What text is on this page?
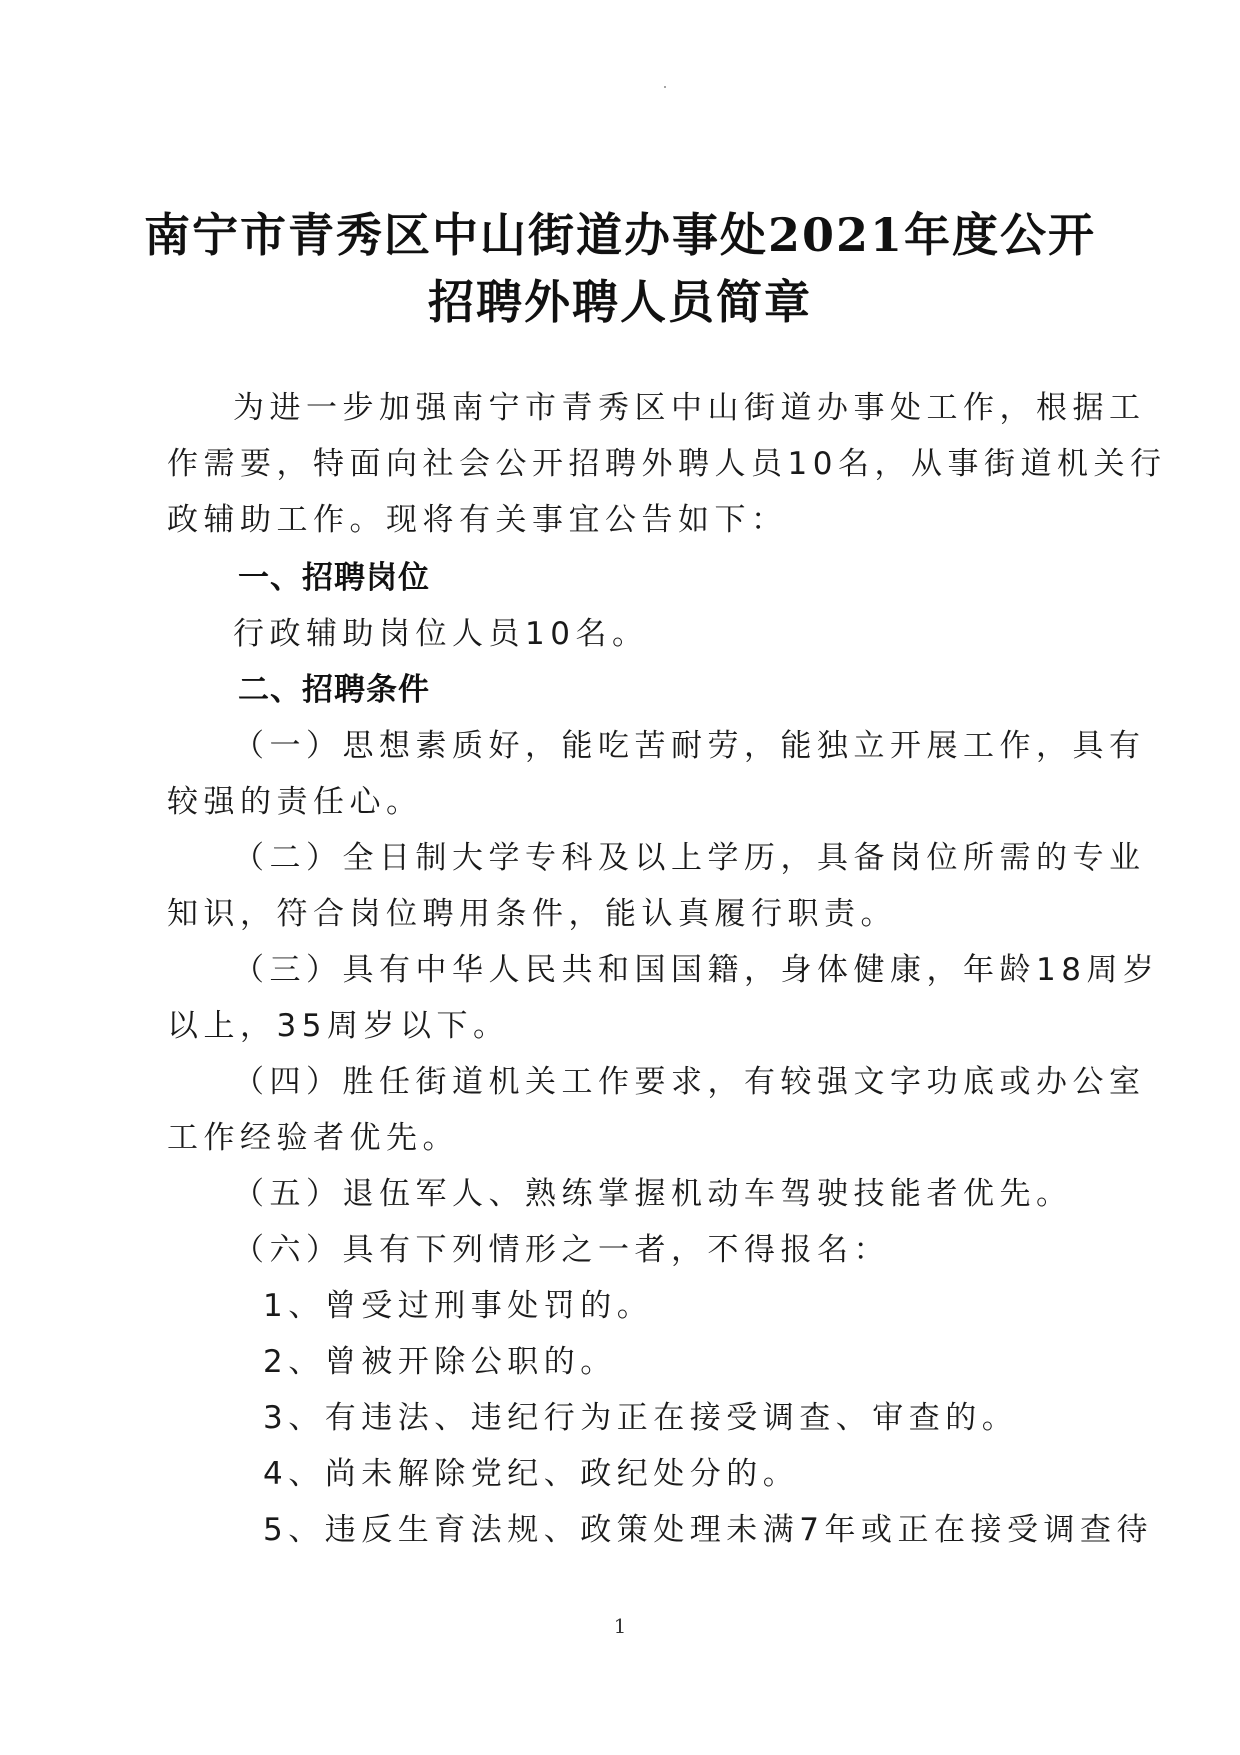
南宁市青秀区中山街道办事处2021年度公开
招聘外聘人员简章
为进一步加强南宁市青秀区中山街道办事处工作，根据工
作需要，特面向社会公开招聘外聘人员10名，从事街道机关行
政辅助工作。现将有关事宜公告如下：
一、招聘岗位
行政辅助岗位人员10名。
二、招聘条件
（一）思想素质好，能吃苦耐劳，能独立开展工作，具有
较强的责任心。
（二）全日制大学专科及以上学历，具备岗位所需的专业
知识，符合岗位聘用条件，能认真履行职责。
（三）具有中华人民共和国国籍，身体健康，年龄18周岁
以上，35周岁以下。
（四）胜任街道机关工作要求，有较强文字功底或办公室
工作经验者优先。
（五）退伍军人、熟练掌握机动车驾驶技能者优先。
（六）具有下列情形之一者，不得报名：
1、曾受过刑事处罚的。
2、曾被开除公职的。
3、有违法、违纪行为正在接受调查、审查的。
4、尚未解除党纪、政纪处分的。
5、违反生育法规、政策处理未满7年或正在接受调查待
1
